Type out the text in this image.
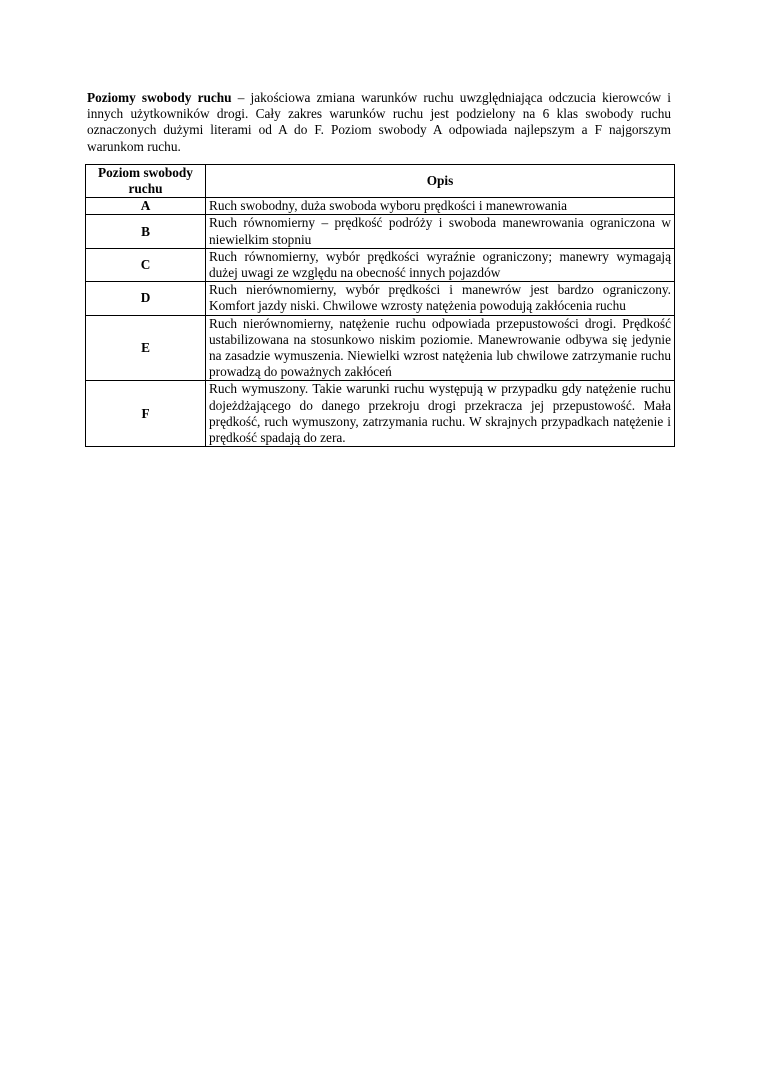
Poziomy swobody ruchu – jakościowa zmiana warunków ruchu uwzględniająca odczucia kierowców i innych użytkowników drogi. Cały zakres warunków ruchu jest podzielony na 6 klas swobody ruchu oznaczonych dużymi literami od A do F. Poziom swobody A odpowiada najlepszym a F najgorszym warunkom ruchu.

Poziom swobody ruchu	Opis
A	Ruch swobodny, duża swoboda wyboru prędkości i manewrowania
B	Ruch równomierny – prędkość podróży i swoboda manewrowania ograniczona w niewielkim stopniu
C	Ruch równomierny, wybór prędkości wyraźnie ograniczony; manewry wymagają dużej uwagi ze względu na obecność innych pojazdów
D	Ruch nierównomierny, wybór prędkości i manewrów jest bardzo ograniczony. Komfort jazdy niski. Chwilowe wzrosty natężenia powodują zakłócenia ruchu
E	Ruch nierównomierny, natężenie ruchu odpowiada przepustowości drogi. Prędkość ustabilizowana na stosunkowo niskim poziomie. Manewrowanie odbywa się jedynie na zasadzie wymuszenia. Niewielki wzrost natężenia lub chwilowe zatrzymanie ruchu prowadzą do poważnych zakłóceń
F	Ruch wymuszony. Takie warunki ruchu występują w przypadku gdy natężenie ruchu dojeżdżającego do danego przekroju drogi przekracza jej przepustowość. Mała prędkość, ruch wymuszony, zatrzymania ruchu. W skrajnych przypadkach natężenie i prędkość spadają do zera.
